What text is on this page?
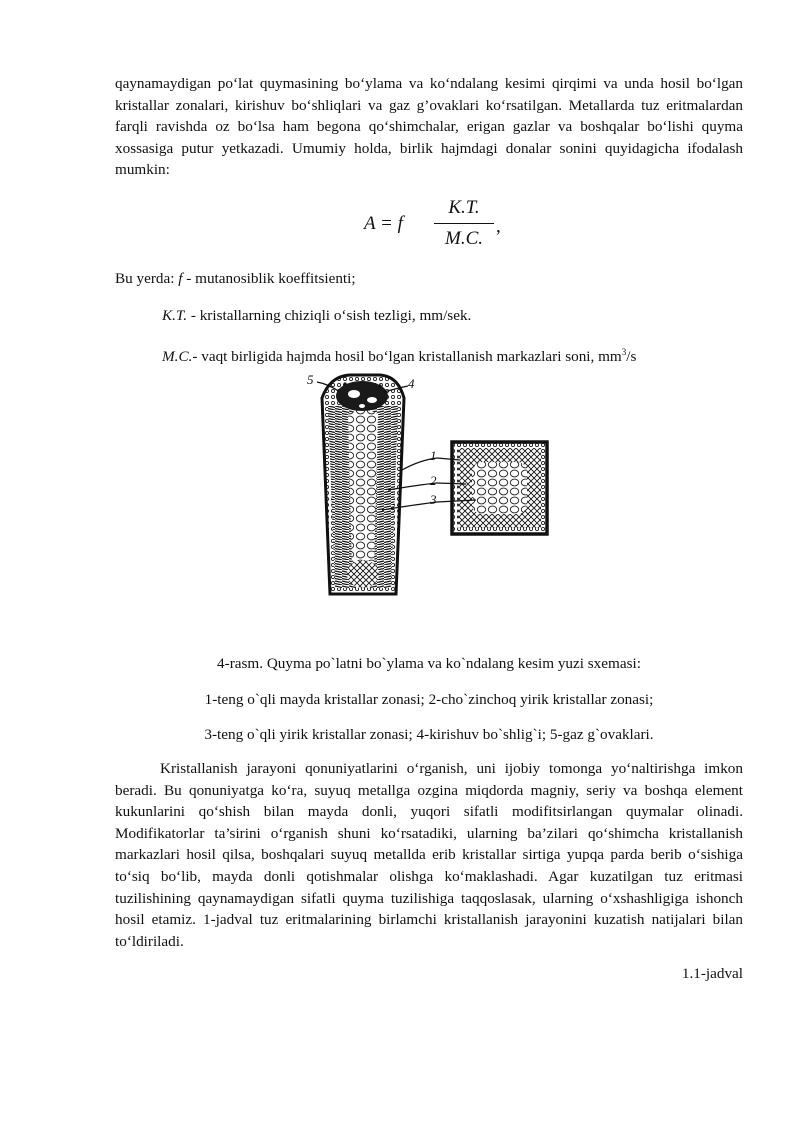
qaynamaydigan po‘lat quymasining bo‘ylama va ko‘ndalang kesimi qirqimi va unda hosil bo‘lgan kristallar zonalari, kirishuv bo‘shliqlari va gaz g’ovaklari ko‘rsatilgan. Metallarda tuz eritmalardan farqli ravishda oz bo‘lsa ham begona qo‘shimchalar, erigan gazlar va boshqalar bo‘lishi quyma xossasiga putur yetkazadi. Umumiy holda, birlik hajmdagi donalar sonini quyidagicha ifodalash mumkin:

A = f
K.T.
M.C.
,

Bu yerda: f - mutanosiblik koeffitsienti;

K.T. - kristallarning chiziqli o‘sish tezligi, mm/sek.

M.C.- vaqt birligida hajmda hosil bo‘lgan kristallanish markazlari soni, $mm^3/s$

5	4
1
2
3

4-rasm. Quyma po`latni bo`ylama va ko`ndalang kesim yuzi sxemasi:

1-teng o`qli mayda kristallar zonasi; 2-cho`zinchoq yirik kristallar zonasi;

3-teng o`qli yirik kristallar zonasi; 4-kirishuv bo`shlig`i; 5-gaz g`ovaklari.

Kristallanish jarayoni qonuniyatlarini o‘rganish, uni ijobiy tomonga yo‘naltirishga imkon beradi. Bu qonuniyatga ko‘ra, suyuq metallga ozgina miqdorda magniy, seriy va boshqa element kukunlarini qo‘shish bilan mayda donli, yuqori sifatli modifitsirlangan quymalar olinadi. Modifikatorlar ta’sirini o‘rganish shuni ko‘rsatadiki, ularning ba’zilari qo‘shimcha kristallanish markazlari hosil qilsa, boshqalari suyuq metallda erib kristallar sirtiga yupqa parda berib o‘sishiga to‘siq bo‘lib, mayda donli qotishmalar olishga ko‘maklashadi. Agar kuzatilgan tuz eritmasi tuzilishining qaynamaydigan sifatli quyma tuzilishiga taqqoslasak, ularning o‘xshashligiga ishonch hosil etamiz. 1-jadval tuz eritmalarining birlamchi kristallanish jarayonini kuzatish natijalari bilan to‘ldiriladi.

1.1-jadval
